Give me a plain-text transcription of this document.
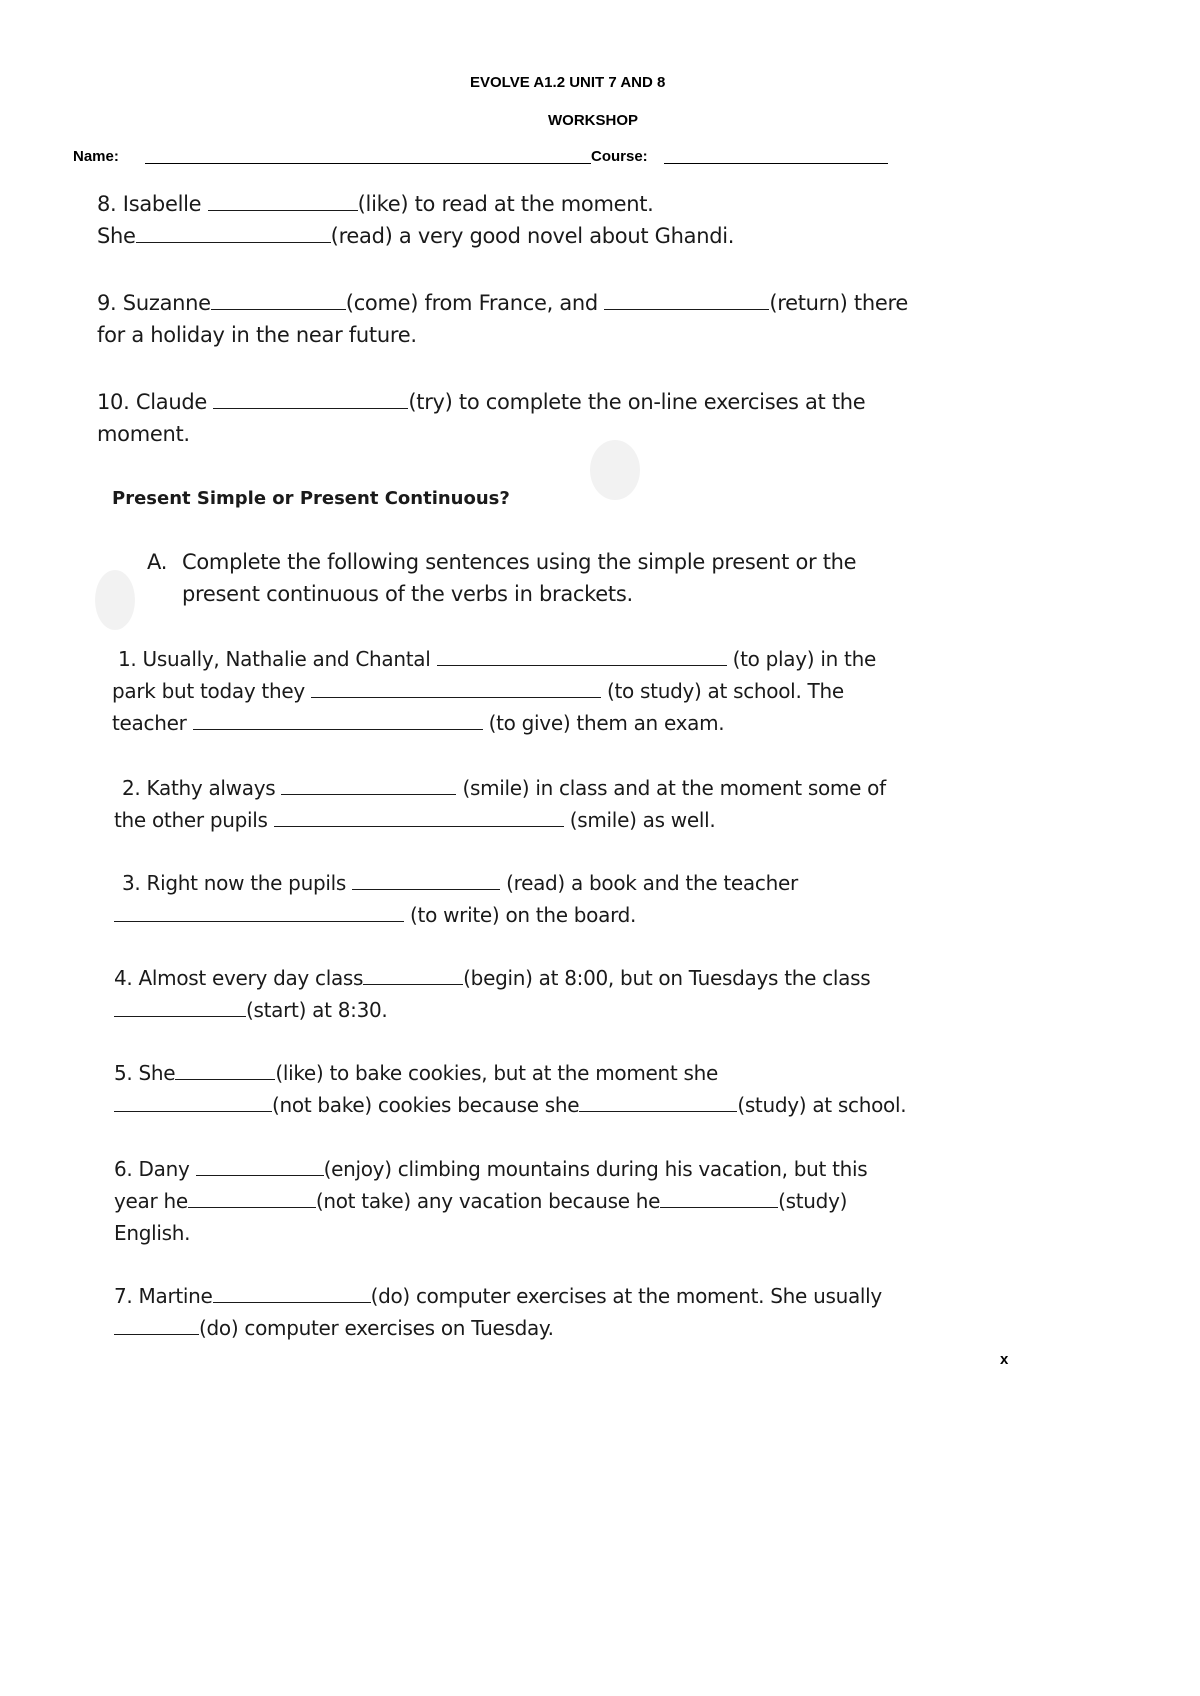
EVOLVE A1.2 UNIT 7 AND 8
WORKSHOP
Name:	Course:
8. Isabelle	(like) to read at the moment.
She	(read) a very good novel about Ghandi.
9. Suzanne	(come) from France, and	(return) there
for a holiday in the near future.
10. Claude	(try) to complete the on-line exercises at the
moment.
Present Simple or Present Continuous?
A. Complete the following sentences using the simple present or the
present continuous of the verbs in brackets.
1. Usually, Nathalie and Chantal	(to play) in the
park but today they	(to study) at school. The
teacher	(to give) them an exam.
2. Kathy always	(smile) in class and at the moment some of
the other pupils	(smile) as well.
3. Right now the pupils	(read) a book and the teacher
(to write) on the board.
4. Almost every day class	(begin) at 8:00, but on Tuesdays the class
(start) at 8:30.
5. She	(like) to bake cookies, but at the moment she
(not bake) cookies because she	(study) at school.
6. Dany	(enjoy) climbing mountains during his vacation, but this
year he	(not take) any vacation because he	(study)
English.
7. Martine	(do) computer exercises at the moment. She usually
(do) computer exercises on Tuesday.
x
